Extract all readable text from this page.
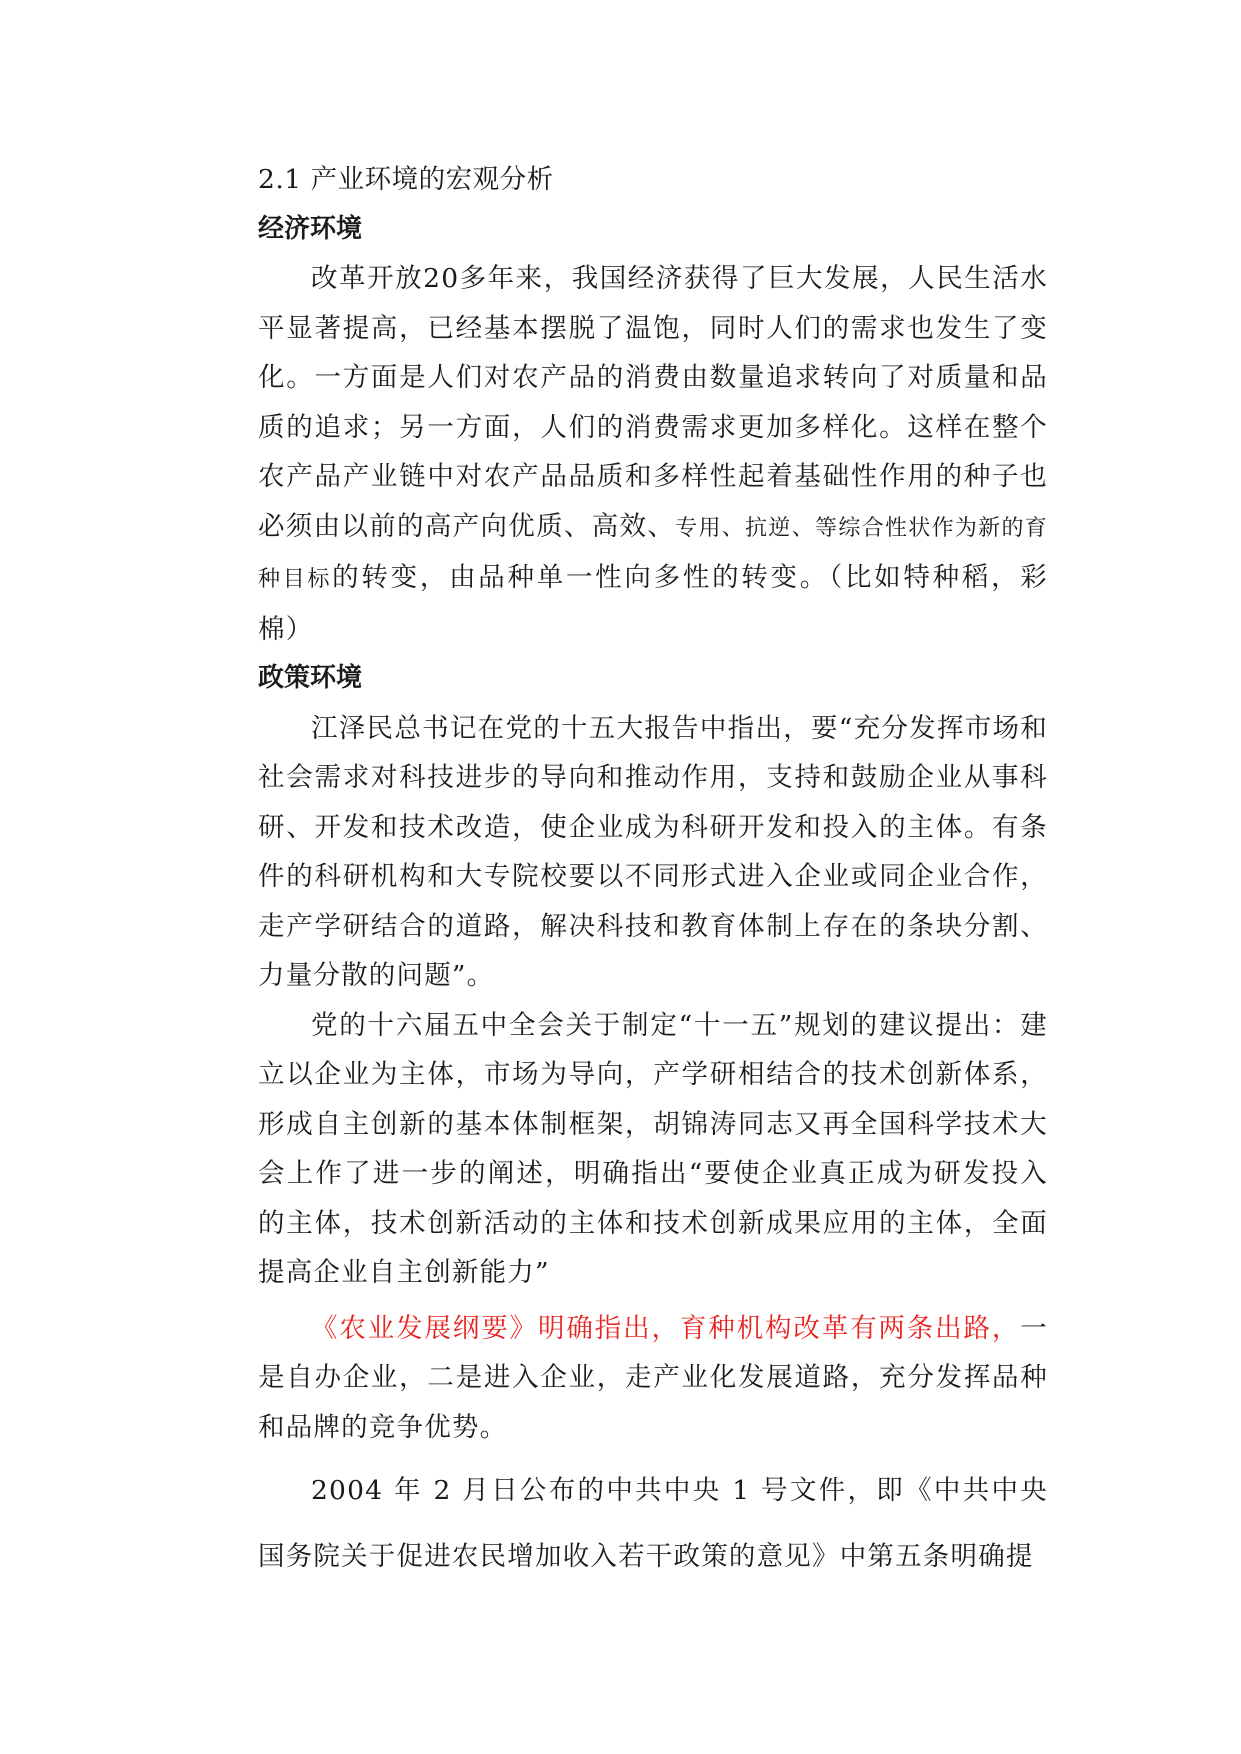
2.1 产业环境的宏观分析

经济环境

改革开放20多年来，我国经济获得了巨大发展，人民生活水平显著提高，已经基本摆脱了温饱，同时人们的需求也发生了变化。一方面是人们对农产品的消费由数量追求转向了对质量和品质的追求；另一方面，人们的消费需求更加多样化。这样在整个农产品产业链中对农产品品质和多样性起着基础性作用的种子也必须由以前的高产向优质、高效、专用、抗逆、等综合性状作为新的育种目标的转变，由品种单一性向多性的转变。（比如特种稻，彩棉）

政策环境

江泽民总书记在党的十五大报告中指出，要“充分发挥市场和社会需求对科技进步的导向和推动作用，支持和鼓励企业从事科研、开发和技术改造，使企业成为科研开发和投入的主体。有条件的科研机构和大专院校要以不同形式进入企业或同企业合作，走产学研结合的道路，解决科技和教育体制上存在的条块分割、力量分散的问题”。

党的十六届五中全会关于制定“十一五”规划的建议提出：建立以企业为主体，市场为导向，产学研相结合的技术创新体系，形成自主创新的基本体制框架，胡锦涛同志又再全国科学技术大会上作了进一步的阐述，明确指出“要使企业真正成为研发投入的主体，技术创新活动的主体和技术创新成果应用的主体，全面提高企业自主创新能力”

《农业发展纲要》明确指出，育种机构改革有两条出路，一是自办企业，二是进入企业，走产业化发展道路，充分发挥品种和品牌的竞争优势。

2004 年 2 月日公布的中共中央 1 号文件，即《中共中央国务院关于促进农民增加收入若干政策的意见》中第五条明确提
